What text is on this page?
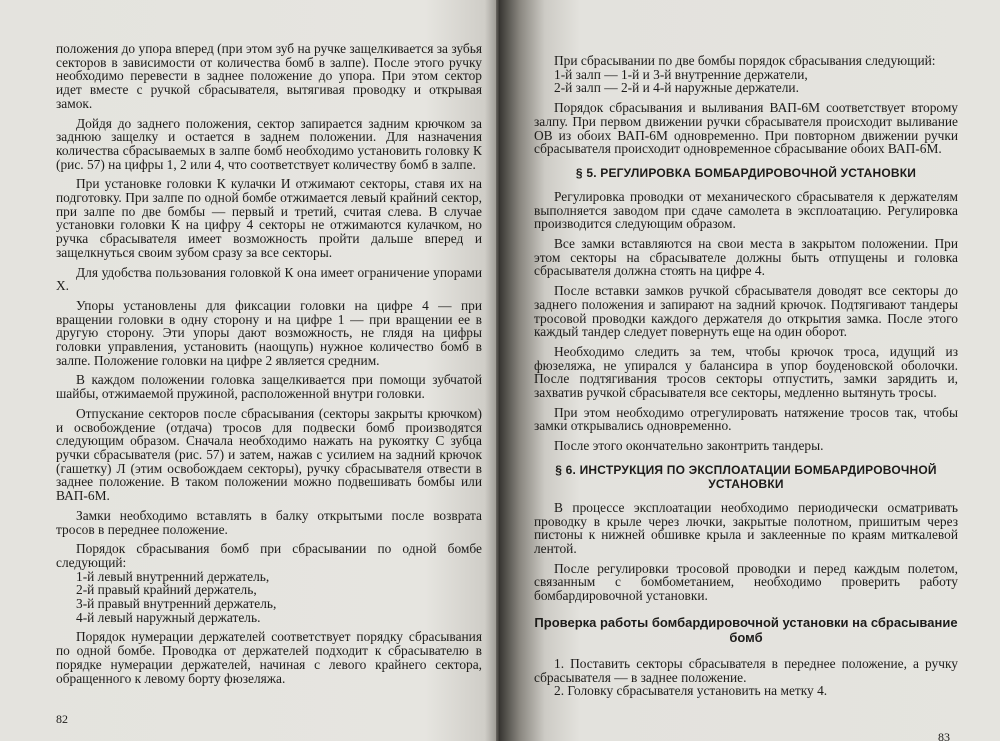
положения до упора вперед (при этом зуб на ручке защелкивается за зубья секторов в зависимости от количества бомб в залпе). После этого ручку необходимо перевести в заднее положение до упора. При этом сектор идет вместе с ручкой сбрасывателя, вытягивая проводку и открывая замок.

Дойдя до заднего положения, сектор запирается задним крючком за заднюю защелку и остается в заднем положении. Для назначения количества сбрасываемых в залпе бомб необходимо установить головку К (рис. 57) на цифры 1, 2 или 4, что соответствует количеству бомб в залпе.

При установке головки К кулачки И отжимают секторы, ставя их на подготовку. При залпе по одной бомбе отжимается левый крайний сектор, при залпе по две бомбы — первый и третий, считая слева. В случае установки головки К на цифру 4 секторы не отжимаются кулачком, но ручка сбрасывателя имеет возможность пройти дальше вперед и защелкнуться своим зубом сразу за все секторы.

Для удобства пользования головкой К она имеет ограничение упорами Х.

Упоры установлены для фиксации головки на цифре 4 — при вращении головки в одну сторону и на цифре 1 — при вращении ее в другую сторону. Эти упоры дают возможность, не глядя на цифры головки управления, установить (наощупь) нужное количество бомб в залпе. Положение головки на цифре 2 является средним.

В каждом положении головка защелкивается при помощи зубчатой шайбы, отжимаемой пружиной, расположенной внутри головки.

Отпускание секторов после сбрасывания (секторы закрыты крючком) и освобождение (отдача) тросов для подвески бомб производятся следующим образом. Сначала необходимо нажать на рукоятку С зубца ручки сбрасывателя (рис. 57) и затем, нажав с усилием на задний крючок (гашетку) Л (этим освобождаем секторы), ручку сбрасывателя отвести в заднее положение. В таком положении можно подвешивать бомбы или ВАП-6М.

Замки необходимо вставлять в балку открытыми после возврата тросов в переднее положение.

Порядок сбрасывания бомб при сбрасывании по одной бомбе следующий:

1-й левый внутренний держатель,

2-й правый крайний держатель,

3-й правый внутренний держатель,

4-й левый наружный держатель.

Порядок нумерации держателей соответствует порядку сбрасывания по одной бомбе. Проводка от держателей подходит к сбрасывателю в порядке нумерации держателей, начиная с левого крайнего сектора, обращенного к левому борту фюзеляжа.

82

При сбрасывании по две бомбы порядок сбрасывания следующий:

1-й залп — 1-й и 3-й внутренние держатели,

2-й залп — 2-й и 4-й наружные держатели.

Порядок сбрасывания и выливания ВАП-6М соответствует второму залпу. При первом движении ручки сбрасывателя происходит выливание ОВ из обоих ВАП-6М одновременно. При повторном движении ручки сбрасывателя происходит одновременное сбрасывание обоих ВАП-6М.

§ 5. РЕГУЛИРОВКА БОМБАРДИРОВОЧНОЙ УСТАНОВКИ

Регулировка проводки от механического сбрасывателя к держателям выполняется заводом при сдаче самолета в эксплоатацию. Регулировка производится следующим образом.

Все замки вставляются на свои места в закрытом положении. При этом секторы на сбрасывателе должны быть отпущены и головка сбрасывателя должна стоять на цифре 4.

После вставки замков ручкой сбрасывателя доводят все секторы до заднего положения и запирают на задний крючок. Подтягивают тандеры тросовой проводки каждого держателя до открытия замка. После этого каждый тандер следует повернуть еще на один оборот.

Необходимо следить за тем, чтобы крючок троса, идущий из фюзеляжа, не упирался у балансира в упор боуденовской оболочки. После подтягивания тросов секторы отпустить, замки зарядить и, захватив ручкой сбрасывателя все секторы, медленно вытянуть тросы.

При этом необходимо отрегулировать натяжение тросов так, чтобы замки открывались одновременно.

После этого окончательно законтрить тандеры.

§ 6. ИНСТРУКЦИЯ ПО ЭКСПЛОАТАЦИИ БОМБАРДИРОВОЧНОЙ УСТАНОВКИ

В процессе эксплоатации необходимо периодически осматривать проводку в крыле через лючки, закрытые полотном, пришитым через пистоны к нижней обшивке крыла и заклеенные по краям миткалевой лентой.

После регулировки тросовой проводки и перед каждым полетом, связанным с бомбометанием, необходимо проверить работу бомбардировочной установки.

Проверка работы бомбардировочной установки на сбрасывание бомб

1. Поставить секторы сбрасывателя в переднее положение, а ручку сбрасывателя — в заднее положение.

2. Головку сбрасывателя установить на метку 4.

83
